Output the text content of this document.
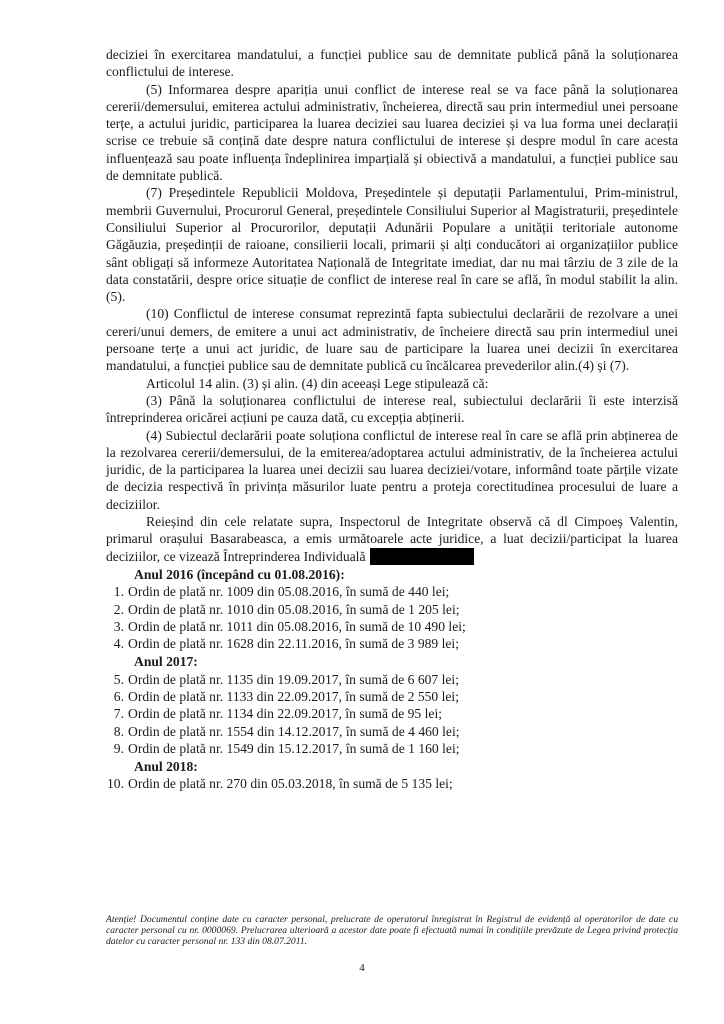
deciziei în exercitarea mandatului, a funcției publice sau de demnitate publică până la soluționarea conflictului de interese.

(5) Informarea despre apariția unui conflict de interese real se va face până la soluționarea cererii/demersului, emiterea actului administrativ, încheierea, directă sau prin intermediul unei persoane terțe, a actului juridic, participarea la luarea deciziei sau luarea deciziei și va lua forma unei declarații scrise ce trebuie să conțină date despre natura conflictului de interese și despre modul în care acesta influențează sau poate influența îndeplinirea imparțială și obiectivă a mandatului, a funcției publice sau de demnitate publică.

(7) Președintele Republicii Moldova, Președintele și deputații Parlamentului, Prim-ministrul, membrii Guvernului, Procurorul General, președintele Consiliului Superior al Magistraturii, președintele Consiliului Superior al Procurorilor, deputații Adunării Populare a unității teritoriale autonome Găgăuzia, președinții de raioane, consilierii locali, primarii și alți conducători ai organizațiilor publice sânt obligați să informeze Autoritatea Națională de Integritate imediat, dar nu mai târziu de 3 zile de la data constatării, despre orice situație de conflict de interese real în care se află, în modul stabilit la alin.(5).

(10) Conflictul de interese consumat reprezintă fapta subiectului declarării de rezolvare a unei cereri/unui demers, de emitere a unui act administrativ, de încheiere directă sau prin intermediul unei persoane terțe a unui act juridic, de luare sau de participare la luarea unei decizii în exercitarea mandatului, a funcției publice sau de demnitate publică cu încălcarea prevederilor alin.(4) și (7).

Articolul 14 alin. (3) și alin. (4) din aceeași Lege stipulează că:

(3) Până la soluționarea conflictului de interese real, subiectului declarării îi este interzisă întreprinderea oricărei acțiuni pe cauza dată, cu excepția abținerii.

(4) Subiectul declarării poate soluționa conflictul de interese real în care se află prin abținerea de la rezolvarea cererii/demersului, de la emiterea/adoptarea actului administrativ, de la încheierea actului juridic, de la participarea la luarea unei decizii sau luarea deciziei/votare, informând toate părțile vizate de decizia respectivă în privința măsurilor luate pentru a proteja corectitudinea procesului de luare a deciziilor.

Reieșind din cele relatate supra, Inspectorul de Integritate observă că dl Cimpoeș Valentin, primarul orașului Basarabeasca, a emis următoarele acte juridice, a luat decizii/participat la luarea deciziilor, ce vizează Întreprinderea Individuală

Anul 2016 (începând cu 01.08.2016):
1. Ordin de plată nr. 1009 din 05.08.2016, în sumă de 440 lei;
2. Ordin de plată nr. 1010 din 05.08.2016, în sumă de 1 205 lei;
3. Ordin de plată nr. 1011 din 05.08.2016, în sumă de 10 490 lei;
4. Ordin de plată nr. 1628 din 22.11.2016, în sumă de 3 989 lei;
Anul 2017:
5. Ordin de plată nr. 1135 din 19.09.2017, în sumă de 6 607 lei;
6. Ordin de plată nr. 1133 din 22.09.2017, în sumă de 2 550 lei;
7. Ordin de plată nr. 1134 din 22.09.2017, în sumă de 95 lei;
8. Ordin de plată nr. 1554 din 14.12.2017, în sumă de 4 460 lei;
9. Ordin de plată nr. 1549 din 15.12.2017, în sumă de 1 160 lei;
Anul 2018:
10. Ordin de plată nr. 270 din 05.03.2018, în sumă de 5 135 lei;
Atenție! Documentul conține date cu caracter personal, prelucrate de operatorul înregistrat în Registrul de evidență al operatorilor de date cu caracter personal cu nr. 0000069. Prelucrarea ulterioară a acestor date poate fi efectuată numai în condițiile prevăzute de Legea privind protecția datelor cu caracter personal nr. 133 din 08.07.2011.
4
